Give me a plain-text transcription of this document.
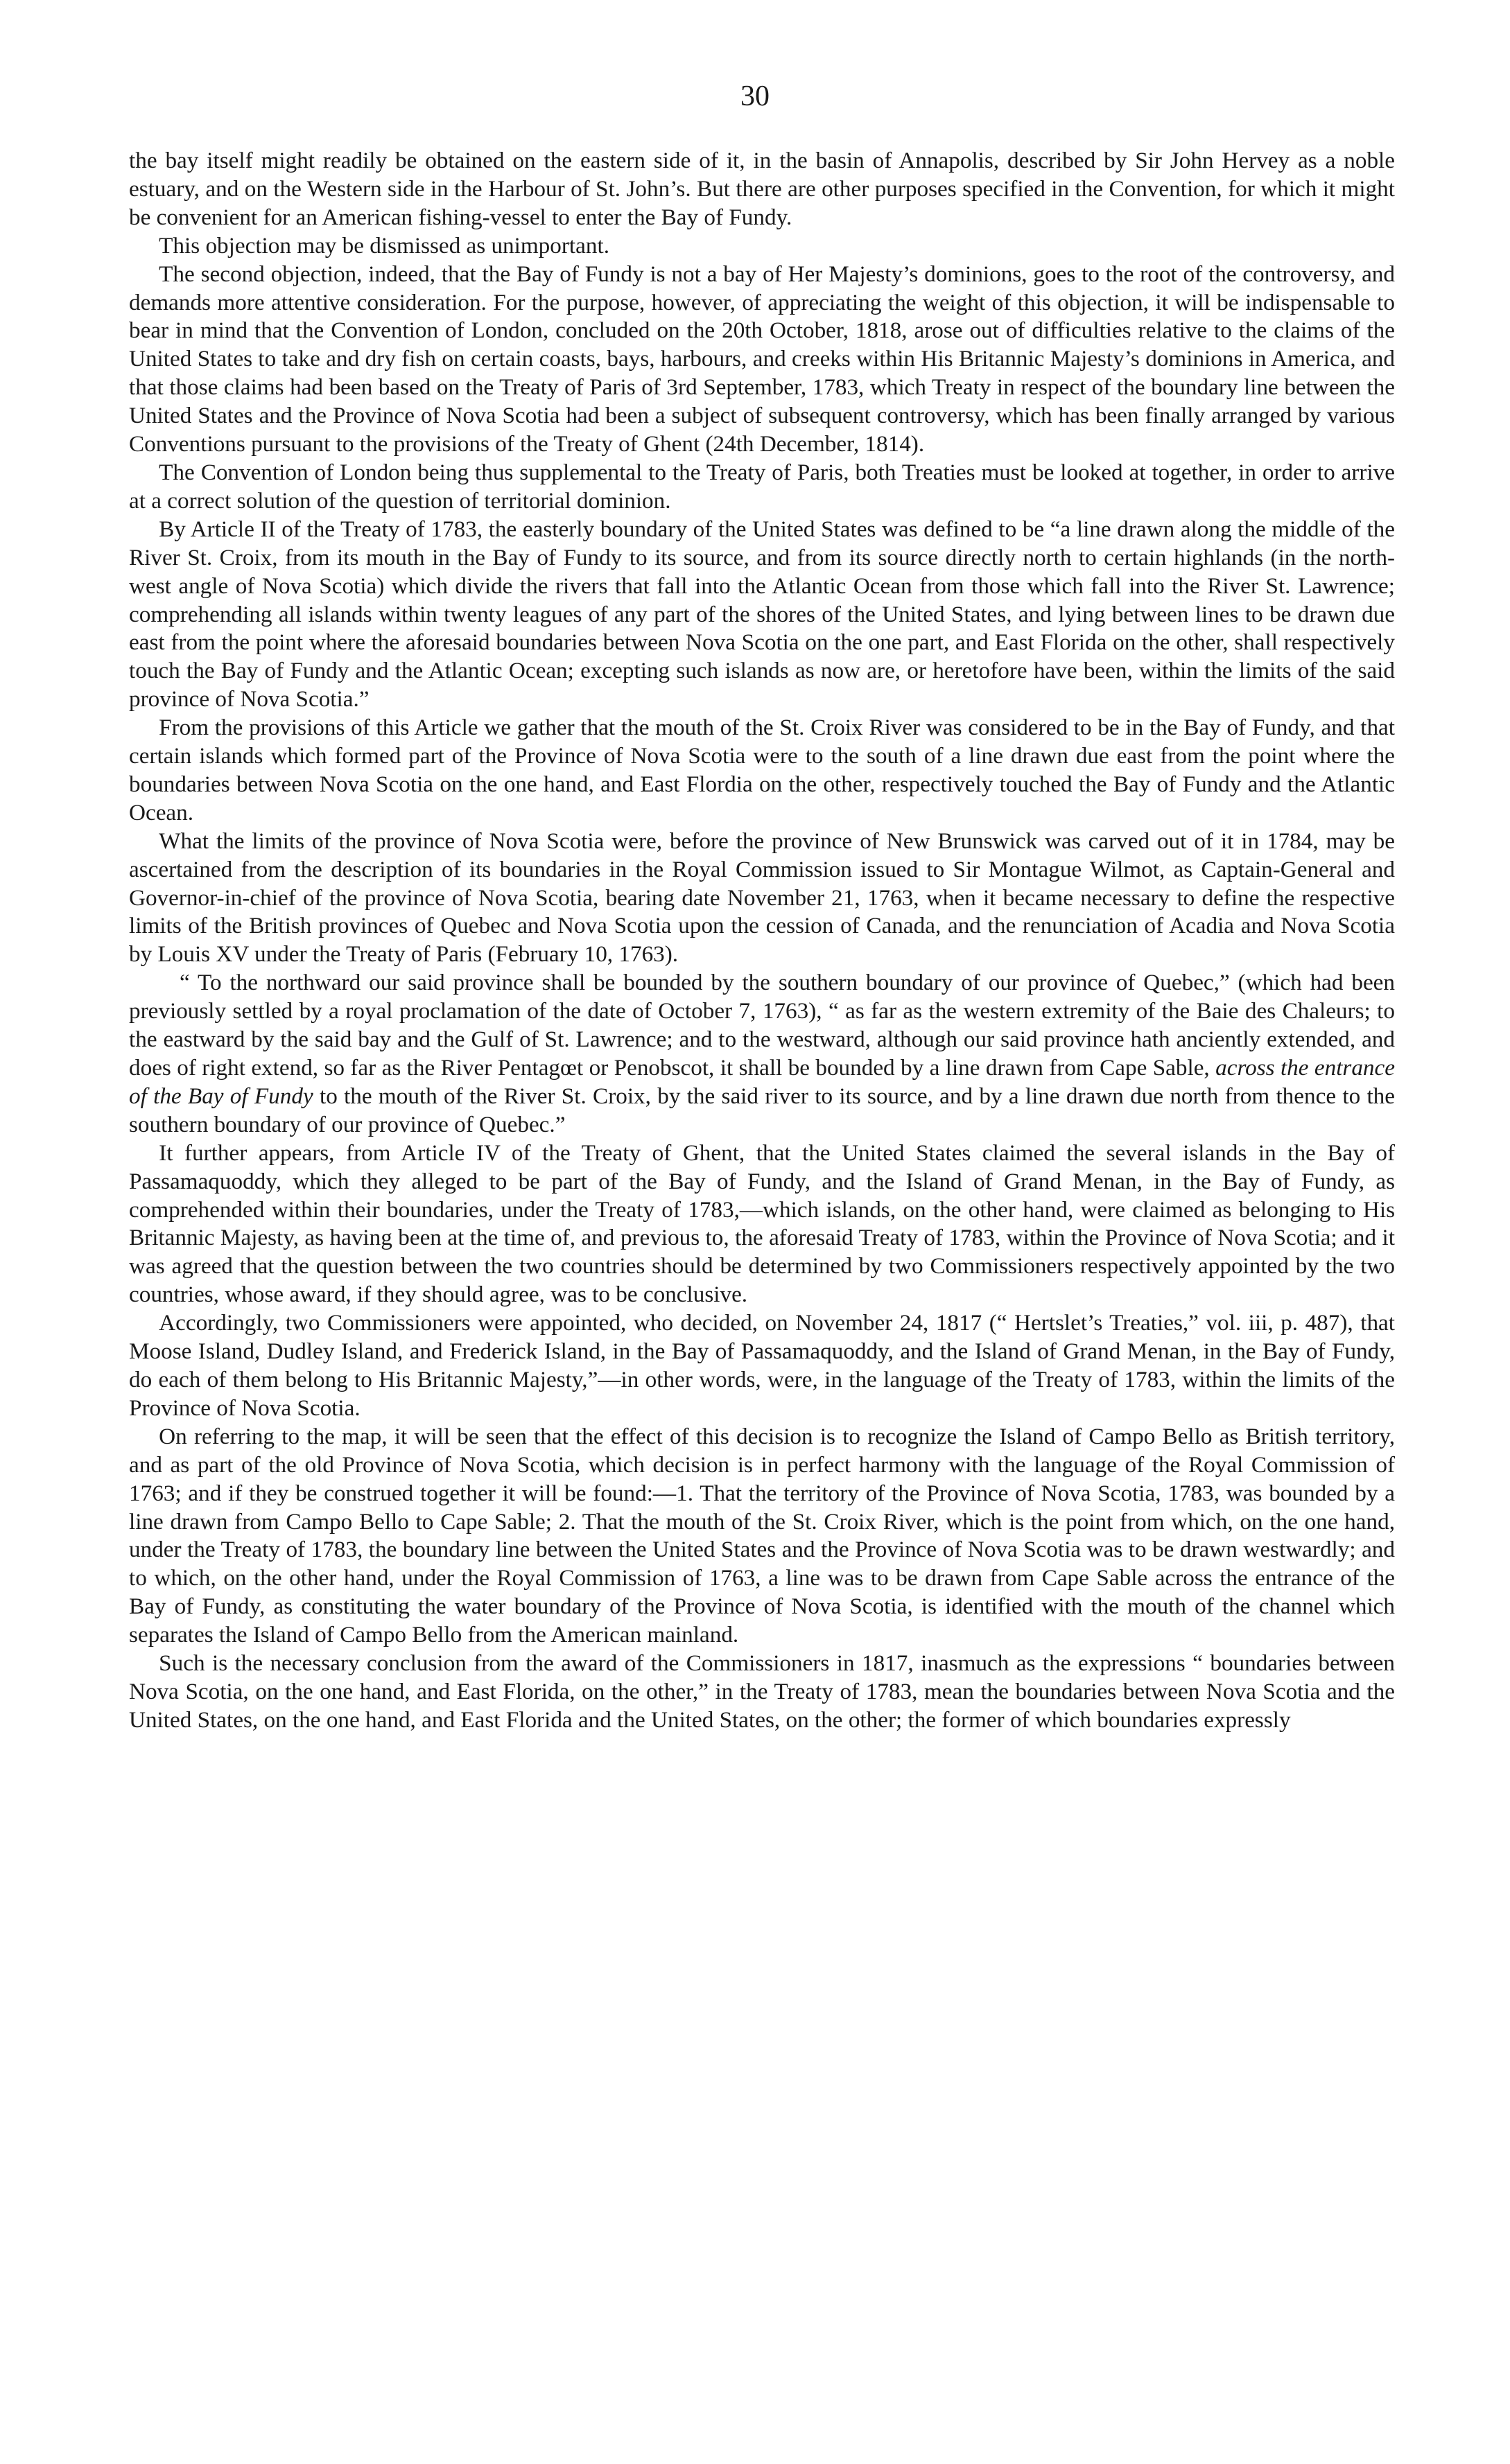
30

the bay itself might readily be obtained on the eastern side of it, in the basin of Annapolis, described by Sir John Hervey as a noble estuary, and on the Western side in the Harbour of St. John’s. But there are other purposes specified in the Convention, for which it might be convenient for an American fishing-vessel to enter the Bay of Fundy.

This objection may be dismissed as unimportant.

The second objection, indeed, that the Bay of Fundy is not a bay of Her Majesty’s dominions, goes to the root of the controversy, and demands more attentive consideration. For the purpose, however, of appreciating the weight of this objection, it will be indispensable to bear in mind that the Convention of London, concluded on the 20th October, 1818, arose out of difficulties relative to the claims of the United States to take and dry fish on certain coasts, bays, harbours, and creeks within His Britannic Majesty’s dominions in America, and that those claims had been based on the Treaty of Paris of 3rd September, 1783, which Treaty in respect of the boundary line between the United States and the Province of Nova Scotia had been a subject of subsequent controversy, which has been finally arranged by various Conventions pursuant to the provisions of the Treaty of Ghent (24th December, 1814).

The Convention of London being thus supplemental to the Treaty of Paris, both Treaties must be looked at together, in order to arrive at a correct solution of the question of territorial dominion.

By Article II of the Treaty of 1783, the easterly boundary of the United States was defined to be “a line drawn along the middle of the River St. Croix, from its mouth in the Bay of Fundy to its source, and from its source directly north to certain highlands (in the north-west angle of Nova Scotia) which divide the rivers that fall into the Atlantic Ocean from those which fall into the River St. Lawrence; comprehending all islands within twenty leagues of any part of the shores of the United States, and lying between lines to be drawn due east from the point where the aforesaid boundaries between Nova Scotia on the one part, and East Florida on the other, shall respectively touch the Bay of Fundy and the Atlantic Ocean; excepting such islands as now are, or heretofore have been, within the limits of the said province of Nova Scotia.”

From the provisions of this Article we gather that the mouth of the St. Croix River was considered to be in the Bay of Fundy, and that certain islands which formed part of the Province of Nova Scotia were to the south of a line drawn due east from the point where the boundaries between Nova Scotia on the one hand, and East Flordia on the other, respectively touched the Bay of Fundy and the Atlantic Ocean.

What the limits of the province of Nova Scotia were, before the province of New Brunswick was carved out of it in 1784, may be ascertained from the description of its boundaries in the Royal Commission issued to Sir Montague Wilmot, as Captain-General and Governor-in-chief of the province of Nova Scotia, bearing date November 21, 1763, when it became necessary to define the respective limits of the British provinces of Quebec and Nova Scotia upon the cession of Canada, and the renunciation of Acadia and Nova Scotia by Louis XV under the Treaty of Paris (February 10, 1763).

“ To the northward our said province shall be bounded by the southern boundary of our province of Quebec,” (which had been previously settled by a royal proclamation of the date of October 7, 1763), “ as far as the western extremity of the Baie des Chaleurs; to the eastward by the said bay and the Gulf of St. Lawrence; and to the westward, although our said province hath anciently extended, and does of right extend, so far as the River Pentagœt or Penobscot, it shall be bounded by a line drawn from Cape Sable, across the entrance of the Bay of Fundy to the mouth of the River St. Croix, by the said river to its source, and by a line drawn due north from thence to the southern boundary of our province of Quebec.”

It further appears, from Article IV of the Treaty of Ghent, that the United States claimed the several islands in the Bay of Passamaquoddy, which they alleged to be part of the Bay of Fundy, and the Island of Grand Menan, in the Bay of Fundy, as comprehended within their boundaries, under the Treaty of 1783,—which islands, on the other hand, were claimed as belonging to His Britannic Majesty, as having been at the time of, and previous to, the aforesaid Treaty of 1783, within the Province of Nova Scotia; and it was agreed that the question between the two countries should be determined by two Commissioners respectively appointed by the two countries, whose award, if they should agree, was to be conclusive.

Accordingly, two Commissioners were appointed, who decided, on November 24, 1817 (“ Hertslet’s Treaties,” vol. iii, p. 487), that Moose Island, Dudley Island, and Frederick Island, in the Bay of Passamaquoddy, and the Island of Grand Menan, in the Bay of Fundy, do each of them belong to His Britannic Majesty,”—in other words, were, in the language of the Treaty of 1783, within the limits of the Province of Nova Scotia.

On referring to the map, it will be seen that the effect of this decision is to recognize the Island of Campo Bello as British territory, and as part of the old Province of Nova Scotia, which decision is in perfect harmony with the language of the Royal Commission of 1763; and if they be construed together it will be found:—1. That the territory of the Province of Nova Scotia, 1783, was bounded by a line drawn from Campo Bello to Cape Sable; 2. That the mouth of the St. Croix River, which is the point from which, on the one hand, under the Treaty of 1783, the boundary line between the United States and the Province of Nova Scotia was to be drawn westwardly; and to which, on the other hand, under the Royal Commission of 1763, a line was to be drawn from Cape Sable across the entrance of the Bay of Fundy, as constituting the water boundary of the Province of Nova Scotia, is identified with the mouth of the channel which separates the Island of Campo Bello from the American mainland.

Such is the necessary conclusion from the award of the Commissioners in 1817, inasmuch as the expressions “ boundaries between Nova Scotia, on the one hand, and East Florida, on the other,” in the Treaty of 1783, mean the boundaries between Nova Scotia and the United States, on the one hand, and East Florida and the United States, on the other; the former of which boundaries expressly
